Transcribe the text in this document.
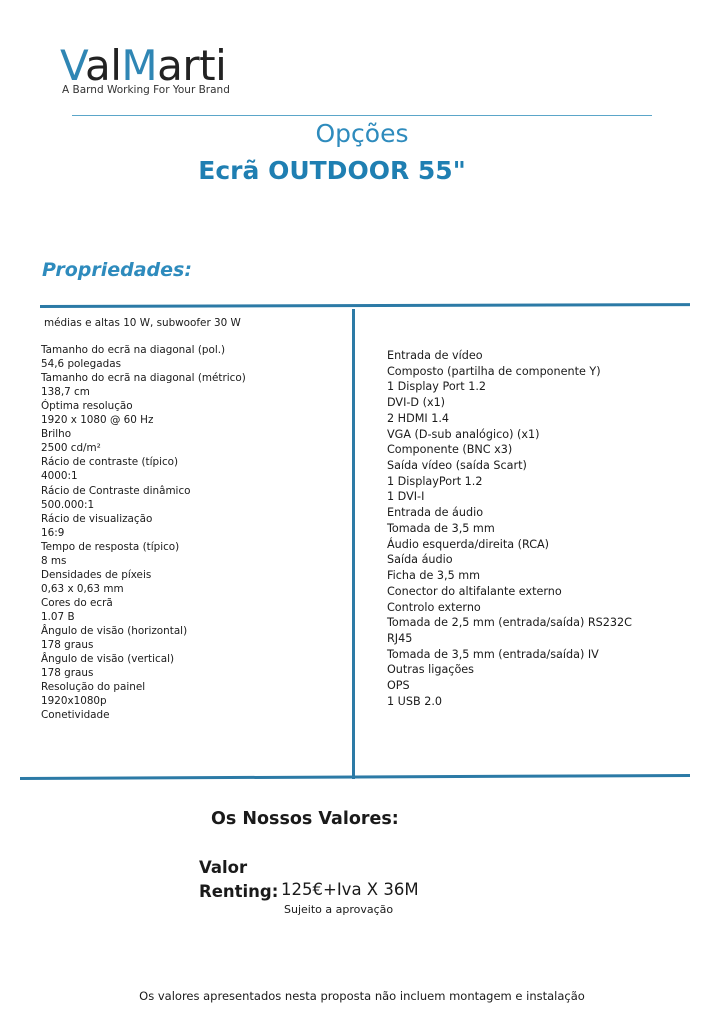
ValMarti
A Barnd Working For Your Brand
Opções
Ecrã OUTDOOR 55"
Propriedades:
médias e altas 10 W, subwoofer 30 W
Tamanho do ecrã na diagonal (pol.)
54,6 polegadas
Tamanho do ecrã na diagonal (métrico)
138,7 cm
Óptima resolução
1920 x 1080 @ 60 Hz
Brilho
2500 cd/m²
Rácio de contraste (típico)
4000:1
Rácio de Contraste dinâmico
500.000:1
Rácio de visualização
16:9
Tempo de resposta (típico)
8 ms
Densidades de píxeis
0,63 x 0,63 mm
Cores do ecrã
1.07 B
Ângulo de visão (horizontal)
178 graus
Ângulo de visão (vertical)
178 graus
Resolução do painel
1920x1080p
Conetividade
Entrada de vídeo
Composto (partilha de componente Y)
1 Display Port 1.2
DVI-D (x1)
2 HDMI 1.4
VGA (D-sub analógico) (x1)
Componente (BNC x3)
Saída vídeo (saída Scart)
1 DisplayPort 1.2
1 DVI-I
Entrada de áudio
Tomada de 3,5 mm
Áudio esquerda/direita (RCA)
Saída áudio
Ficha de 3,5 mm
Conector do altifalante externo
Controlo externo
Tomada de 2,5 mm (entrada/saída) RS232C
RJ45
Tomada de 3,5 mm (entrada/saída) IV
Outras ligações
OPS
1 USB 2.0
Os Nossos Valores:
Valor
Renting: 125€+Iva X 36M
Sujeito a aprovação
Os valores apresentados nesta proposta não incluem montagem e instalação
